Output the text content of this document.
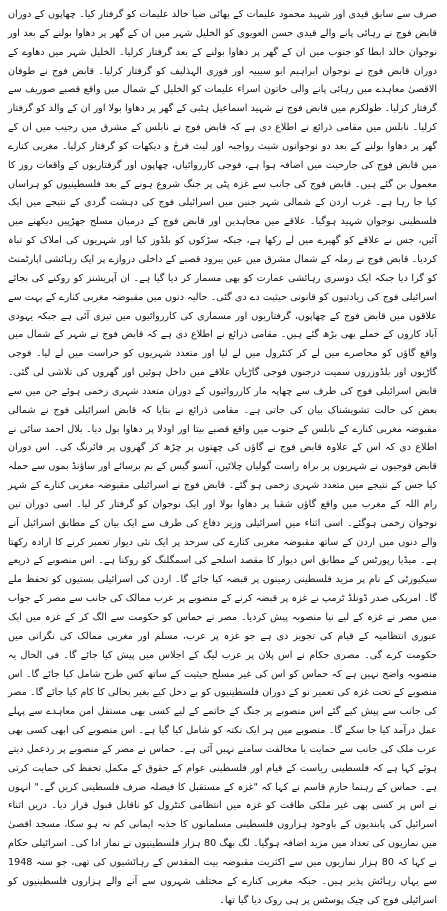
صرف سے سابق قیدی اور شہید محمود علیمات کے بھائی ضیا خالد علیمات کو گرفتار کیا۔ چھاپوں کے دوران قابض فوج نے رہائی پانے والے قیدی حسن العویوی کو الخلیل شہر میں ان کے گھر پر دھاوا بولنے کے بعد اور نوجوان خالد ابطا کو جنوب میں ان کے گھر پر دھاوا بولنے کے بعد گرفتار کرلیا۔ الخلیل شہر میں دھاوے کے دوران قابض فوج نے نوجوان ابراہیم ابو سیبیہ اور فوزی الہذلیف کو گرفتار کرلیا۔ قابض فوج نے طوفان الاقصیٰ معاہدے میں رہائی پانے والی خاتون اسراء علیمات کو الخلیل کے شمال میں واقع قصبے صوریف سے گرفتار کرلیا۔ طولکرم میں قابض فوج نے شہید اسماعیل ہٹبی کے گھر پر دھاوا بولا اور ان کے والد کو گرفتار کرلیا۔ نابلس میں مقامی ذرائع نے اطلاع دی ہے کہ قابض فوج نے نابلس کے مشرق میں رجیب میں ان کے گھر پر دھاوا بولنے کے بعد دو نوجوانوں شیث رواجبہ اور لیث فرحٰ و دیکھات کو گرفتار کرلیا۔ مغربی کنارے میں قابض فوج کی جارحیت میں اضافہ ہوا ہے، فوجی کارروائیاں، چھاپوں اور گرفتاریوں کے واقعات روز کا معمول بن گئے ہیں۔ قابض فوج کی جانب سے غزہ پٹی پر جنگ شروع ہونے کے بعد فلسطینیوں کو ہراساں کیا جا رہا ہے۔ غرب اردن کے شمالی شہر جنین میں اسرائیلی فوج کی دہشت گردی کے نتیجے میں ایک فلسطینی نوجوان شہید ہوگیا۔ علاقے میں مجاہدین اور قابض فوج کے درمیان مسلح جھڑپیں دیکھنے میں آئیں، جس نے علاقے کو گھیرے میں لے رکھا ہے، جبکہ سڑکوں کو بلڈوز کیا اور شہریوں کی املاک کو تباہ کردیا۔ قابض فوج نے رملہ کے شمال مشرق میں عین یبرود قصبے کے داخلی دروازے پر ایک رہائشی اپارٹمنٹ کو گرا دیا جبکہ ایک دوسری رہائشی عمارت کو بھی مسمار کر دیا گیا ہے۔ ان آپریشنز کو روکنے کی بجائے اسرائیلی فوج کی زیادتیوں کو قانونی حیثیت دے دی گئی۔ حالیہ دنوں میں مقبوضہ مغربی کنارے کے بہت سے علاقوں میں قابض فوج کے چھاپوں، گرفتاریوں اور مسماری کی کارروائیوں میں تیزی آئی ہے جبکہ یہودی آباد کاروں کے حملے بھی بڑھ گئے ہیں۔ مقامی ذرائع نے اطلاع دی ہے کہ قابض فوج نے شہر کے شمال میں واقع گاؤں کو محاصرے میں لے کر کنٹرول میں لے لیا اور متعدد شہریوں کو حراست میں لے لیا۔ فوجی گاڑیوں اور بلڈوزروں سمیت درجنوں فوجی گاڑیاں علاقے میں داخل ہوئیں اور گھروں کی تلاشی لی گئی۔ قابض اسرائیلی فوج کی طرف سے چھاپہ مار کارروائیوں کے دوران متعدد شہری زخمی ہوئے جن میں سے بعض کی حالت تشویشناک بیان کی جاتی ہے۔ مقامی ذرائع نے بتایا کہ قابض اسرائیلی فوج نے شمالی مقبوضہ مغربی کنارے کے نابلس کے جنوب میں واقع قصبے بیتا اور اودلا پر دھاوا بول دیا۔ بلال احمد سائی نے اطلاع دی کہ اس کے علاوہ قابض فوج نے گاؤں کی چھتوں پر چڑھ کر گھروں پر فائرنگ کی۔ اس دوران قابض فوجیوں نے شہریوں پر براہ راست گولیاں چلائیں، آنسو گیس کے بم برسائے اور ساؤنڈ بموں سے حملہ کیا جس کے نتیجے میں متعدد شہری زخمی ہو گئے۔ قابض فوج نے اسرائیلی مقبوضہ مغربی کنارے کے شہر رام اللہ کے مغرب میں واقع گاؤں شقبا پر دھاوا بولا اور ایک نوجوان کو گرفتار کر لیا۔ اسی دوران تین نوجوان زخمی ہوگئے۔ اسی اثناء میں اسرائیلی وزیر دفاع کی طرف سے ایک بیان کے مطابق اسرائیل آنے والے دنوں میں اردن کے ساتھ مقبوضہ مغربی کنارے کی سرحد پر ایک نئی دیوار تعمیر کرنے کا ارادہ رکھتا ہے۔ میڈیا رپورٹس کے مطابق اس دیوار کا مقصد اسلحے کی اسمگلنگ کو روکنا ہے۔ اس منصوبے کے ذریعے سیکیورٹی کے نام پر مزید فلسطینی زمینوں پر قبضہ کیا جائے گا۔ اردن کی اسرائیلی بستیوں کو تحفظ ملے گا۔ امریکی صدر ڈونلڈ ٹرمپ نے غزہ پر قبضہ کرنے کے منصوبے پر عرب ممالک کی جانب سے مصر کے جواب میں مصر نے غزہ کے لیے نیا منصوبہ پیش کردیا۔ مصر نے حماس کو حکومت سے الگ کر کے غزہ میں ایک عبوری انتظامیہ کے قیام کی تجویز دی ہے جو غزہ پر عرب، مسلم اور مغربی ممالک کی نگرانی میں حکومت کرے گی۔ مصری حکام نے اس پلان پر عرب لیگ کے اجلاس میں پیش کیا جائے گا۔ فی الحال یہ منصوبہ واضح نہیں ہے کہ حماس کو اس کی غیر مسلح حیثیت کے ساتھ کس طرح شامل کیا جائے گا۔ اس منصوبے کے تحت غزہ کی تعمیر نو کے دوران فلسطینیوں کو بے دخل کیے بغیر بحالی کا کام کیا جائے گا۔ مصر کی جانب سے پیش کیے گئے اس منصوبے پر جنگ کے خاتمے کے لیے کسی بھی مستقل امن معاہدے سے پہلے عمل درآمد کیا جا سکے گا۔ منصوبے میں ہر ایک نکتہ کو شامل کیا گیا ہے۔ اس منصوبے کی ابھی کسی بھی عرب ملک کی جانب سے حمایت یا مخالفت سامنے نہیں آئی ہے۔ حماس نے مصر کے منصوبے پر ردعمل دیتے ہوئے کہا ہے کہ فلسطینی ریاست کے قیام اور فلسطینی عوام کے حقوق کے مکمل تحفظ کی حمایت کرتی ہے۔ حماس کے رہنما حازم قاسم نے کہا کہ "غزہ کے مستقبل کا فیصلہ صرف فلسطینی کریں گے۔" انہوں نے اس پر کسی بھی غیر ملکی طاقت کو غزہ میں انتظامی کنٹرول کو ناقابل قبول قرار دیا۔ دریں اثناء اسرائیل کی پابندیوں کے باوجود ہزاروں فلسطینی مسلمانوں کا جذبہ ایمانی کم نہ ہو سکا، مسجد اقصیٰ میں نمازیوں کی تعداد میں مزید اضافہ ہوگیا۔ لگ بھگ 80 ہزار فلسطینیوں نے نماز ادا کی۔ اسرائیلی حکام نے کہا کہ 80 ہزار نمازیوں میں سے اکثریت مقبوضہ بیت المقدس کے رہائشیوں کی تھی، جو سنہ 1948 سے یہاں رہائش پذیر ہیں۔ جبکہ مغربی کنارے کے مختلف شہروں سے آنے والے ہزاروں فلسطینیوں کو اسرائیلی فوج کی چیک پوسٹس پر ہی روک دیا گیا تھا۔
